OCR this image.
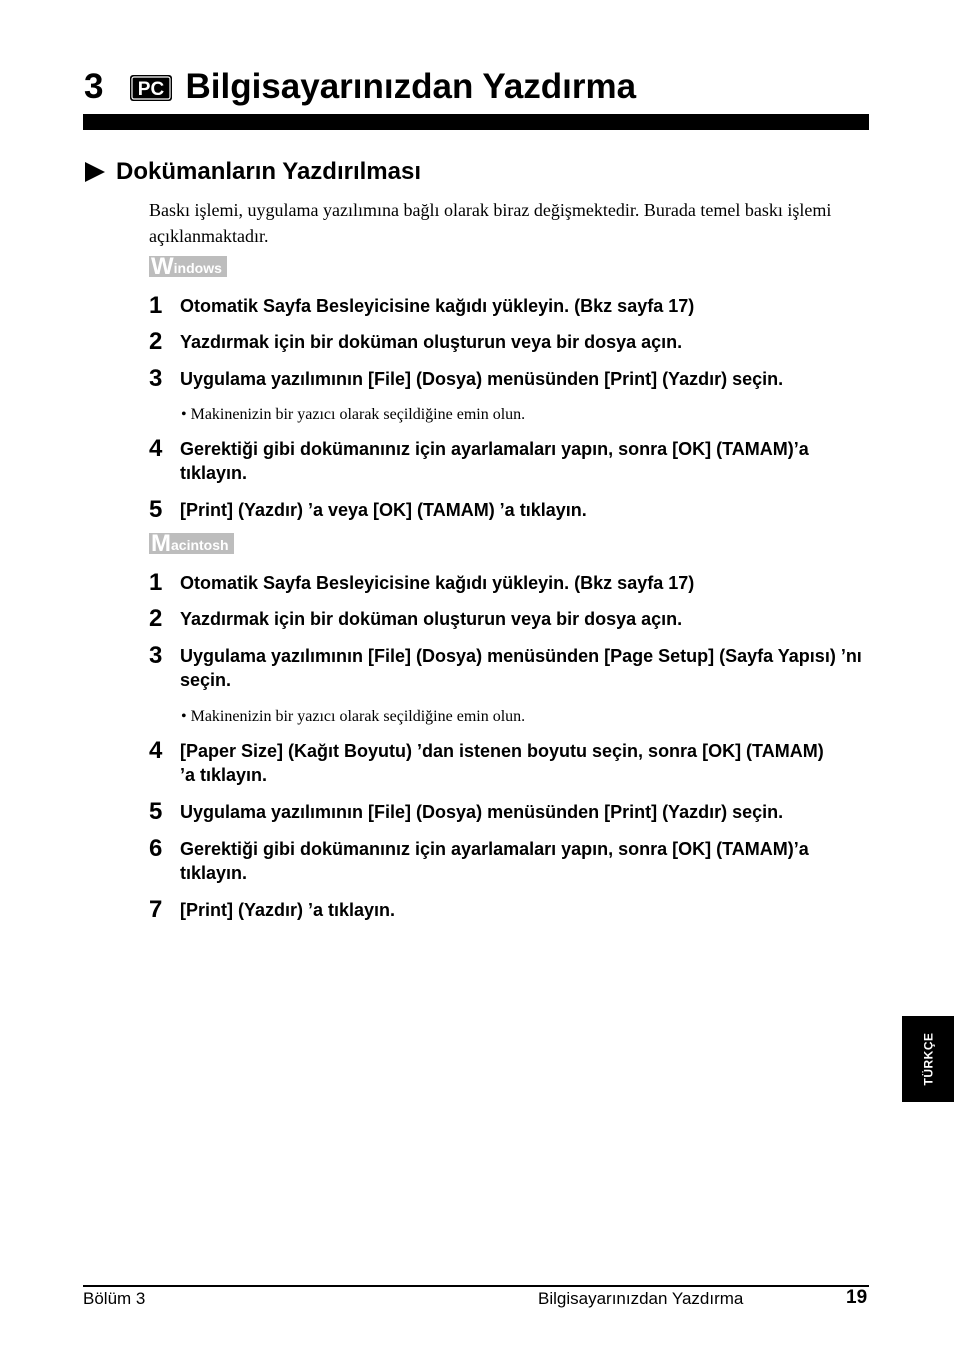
3 PC Bilgisayarınızdan Yazdırma
Dokümanların Yazdırılması
Baskı işlemi, uygulama yazılımına bağlı olarak biraz değişmektedir. Burada temel baskı işlemi açıklanmaktadır.
W indows
1 Otomatik Sayfa Besleyicisine kağıdı yükleyin. (Bkz sayfa 17)
2 Yazdırmak için bir doküman oluşturun veya bir dosya açın.
3 Uygulama yazılımının [File] (Dosya) menüsünden [Print] (Yazdır) seçin.
• Makinenizin bir yazıcı olarak seçildiğine emin olun.
4 Gerektiği gibi dokümanınız için ayarlamaları yapın, sonra [OK] (TAMAM)’a tıklayın.
5 [Print] (Yazdır) ’a veya [OK] (TAMAM) ’a tıklayın.
M acintosh
1 Otomatik Sayfa Besleyicisine kağıdı yükleyin. (Bkz sayfa 17)
2 Yazdırmak için bir doküman oluşturun veya bir dosya açın.
3 Uygulama yazılımının [File] (Dosya) menüsünden [Page Setup] (Sayfa Yapısı) ’nı seçin.
• Makinenizin bir yazıcı olarak seçildiğine emin olun.
4 [Paper Size] (Kağıt Boyutu) ’dan istenen boyutu seçin, sonra [OK] (TAMAM) ’a tıklayın.
5 Uygulama yazılımının [File] (Dosya) menüsünden [Print] (Yazdır) seçin.
6 Gerektiği gibi dokümanınız için ayarlamaları yapın, sonra [OK] (TAMAM)’a tıklayın.
7 [Print] (Yazdır) ’a tıklayın.
TÜRKÇE
Bölüm 3	Bilgisayarınızdan Yazdırma	19
